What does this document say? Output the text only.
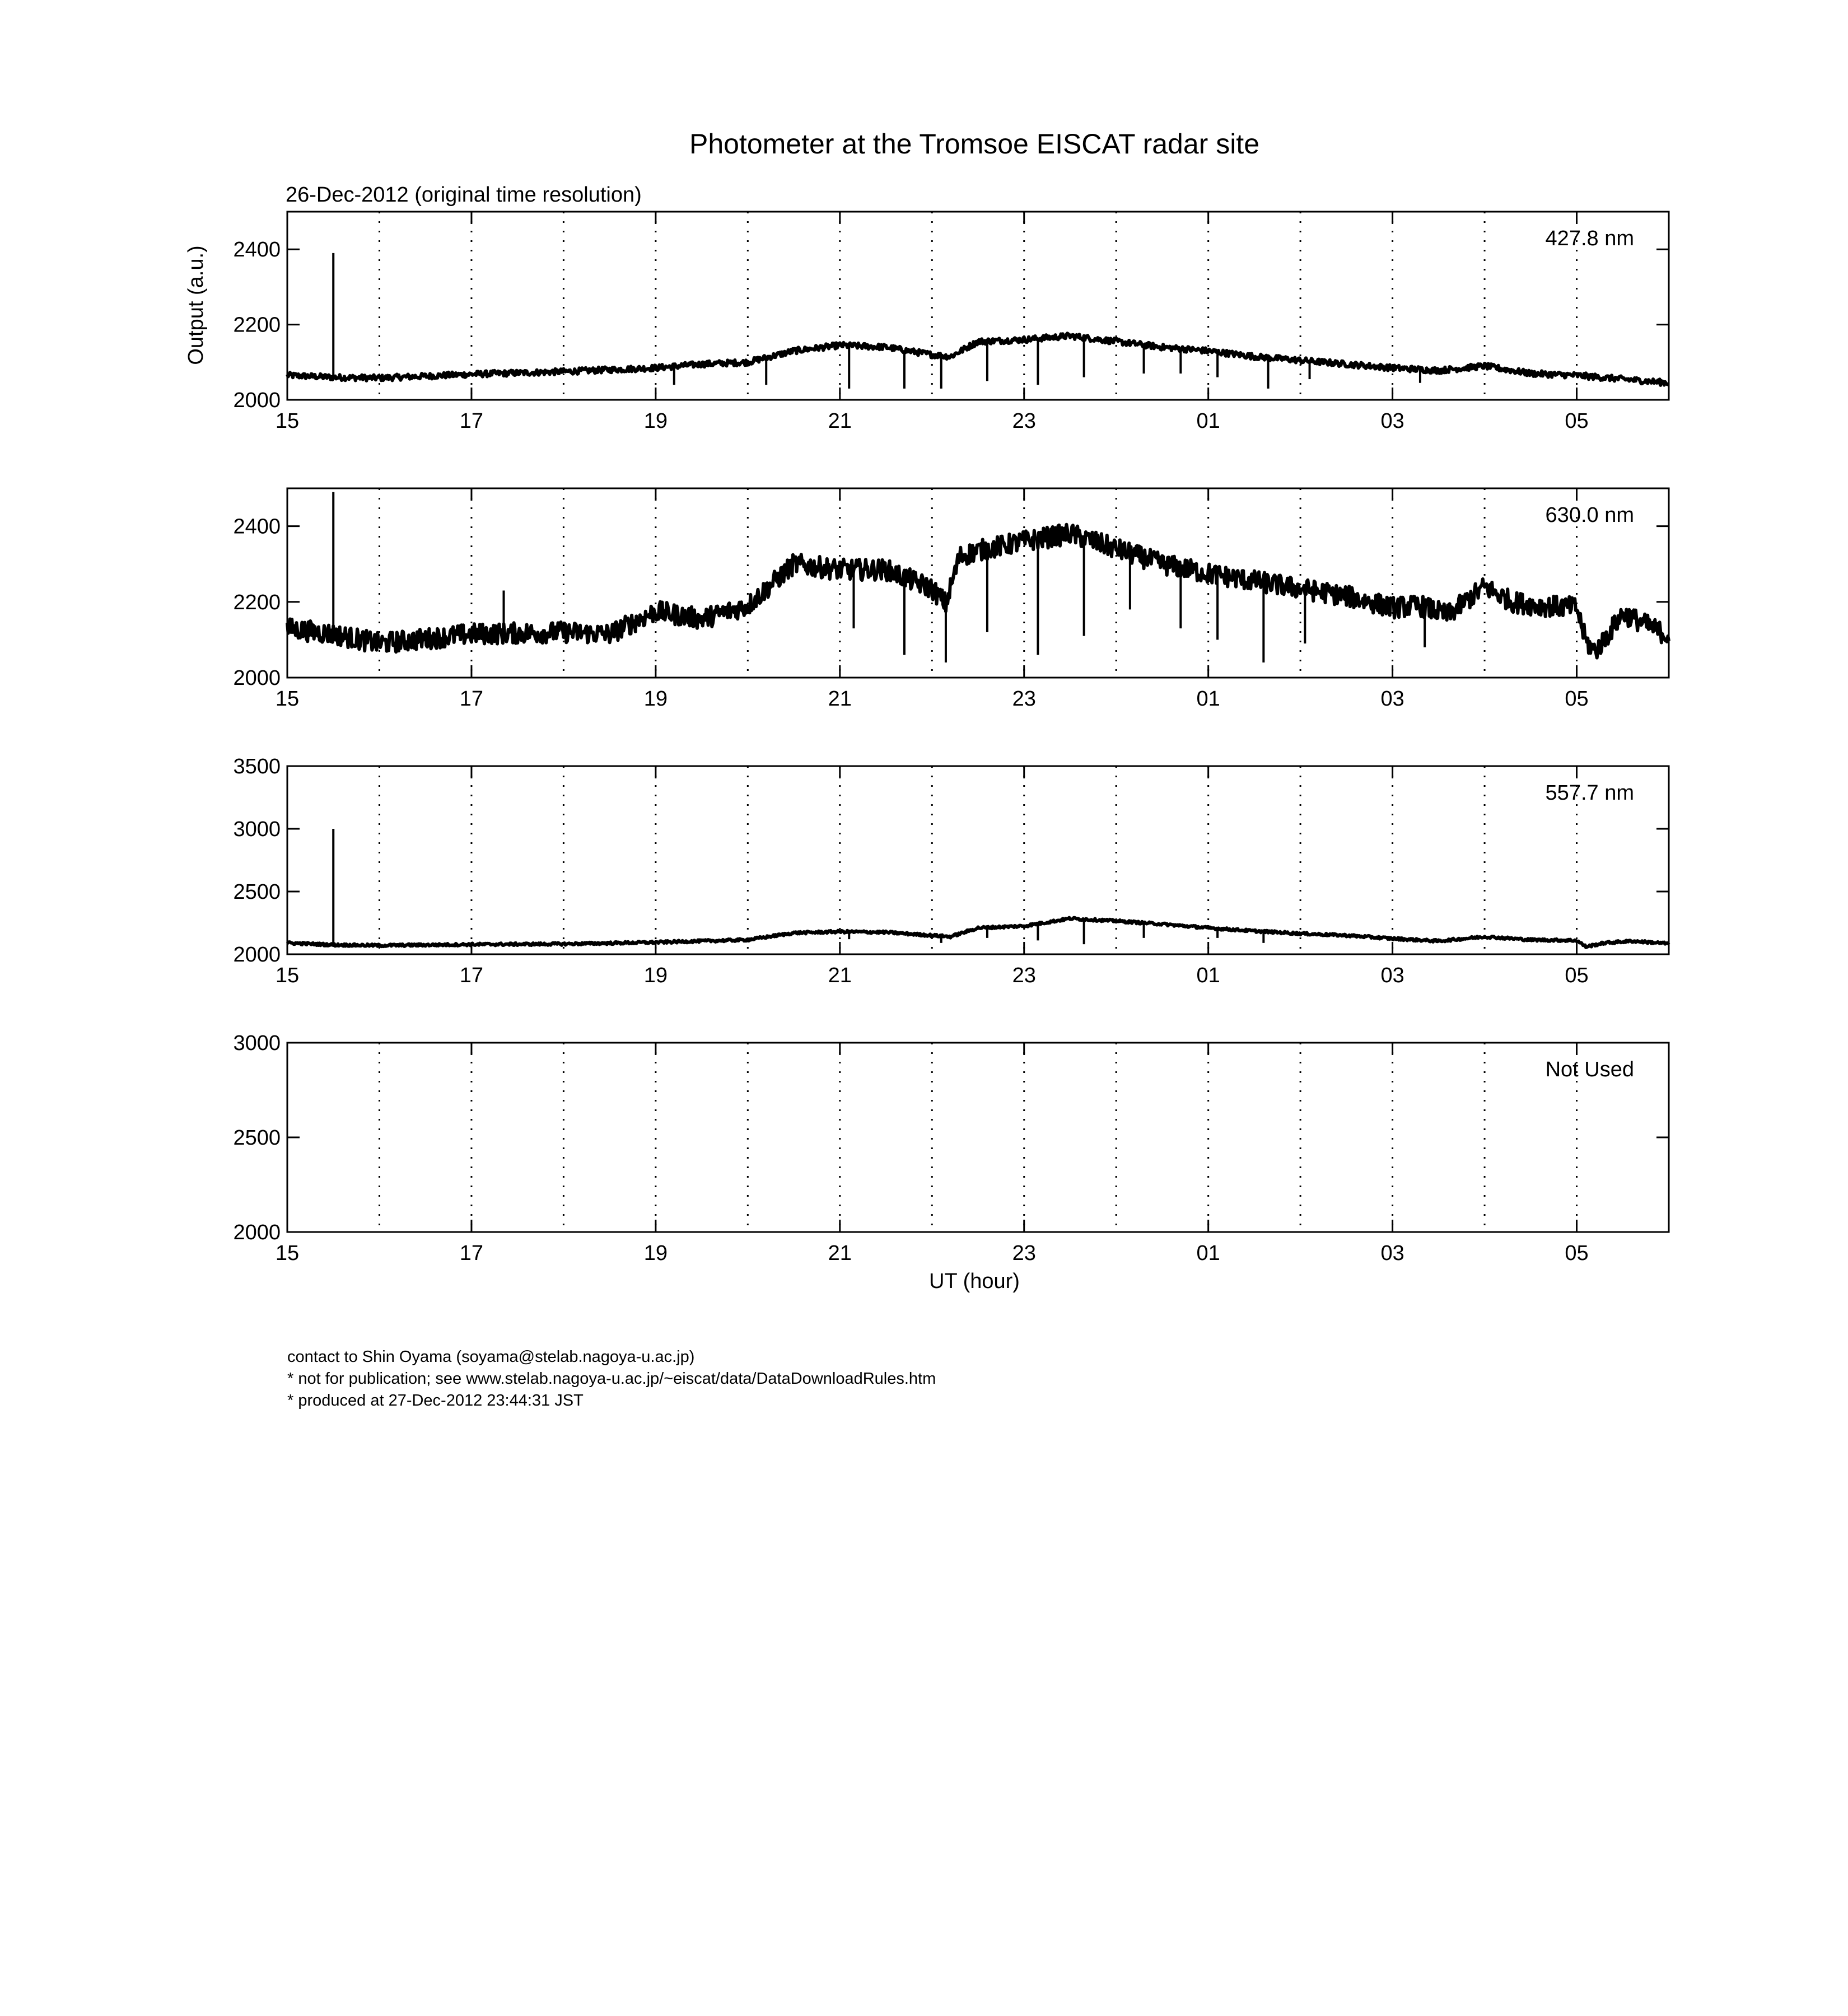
Photometer at the Tromsoe EISCAT radar site
26-Dec-2012 (original time resolution)
Output (a.u.)
UT (hour)
2000
2200
2400
15	17	19	21	23	01	03	05
427.8 nm
2000
2200
2400
15	17	19	21	23	01	03	05
630.0 nm
2000
2500
3000
3500
15	17	19	21	23	01	03	05
557.7 nm
2000
2500
3000
15	17	19	21	23	01	03	05
Not Used
contact to Shin Oyama (soyama@stelab.nagoya-u.ac.jp)
* not for publication; see www.stelab.nagoya-u.ac.jp/~eiscat/data/DataDownloadRules.htm
* produced at 27-Dec-2012 23:44:31 JST
